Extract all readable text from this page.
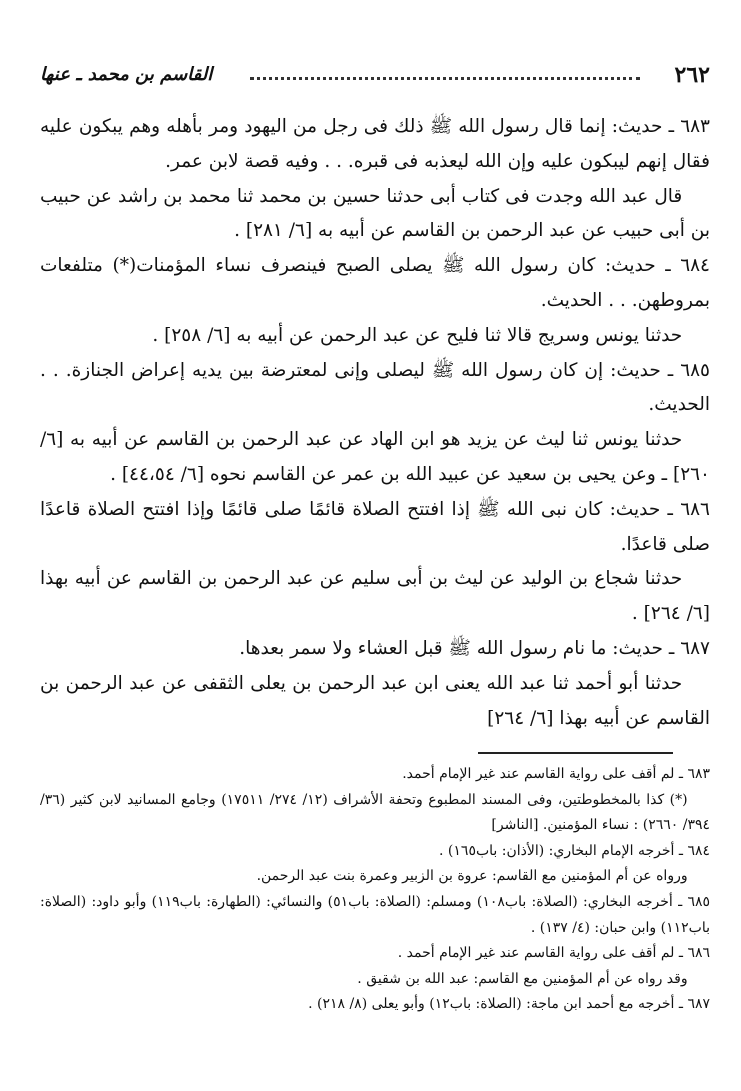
٢٦٢
القاسم بن محمد ـ عنها

٦٨٣ ـ حديث: إنما قال رسول الله ﷺ ذلك فى رجل من اليهود ومر بأهله وهم يبكون عليه فقال إنهم ليبكون عليه وإن الله ليعذبه فى قبره. . . وفيه قصة لابن عمر.

قال عبد الله وجدت فى كتاب أبى حدثنا حسين بن محمد ثنا محمد بن راشد عن حبيب بن أبى حبيب عن عبد الرحمن بن القاسم عن أبيه به [٦/ ٢٨١] .

٦٨٤ ـ حديث: كان رسول الله ﷺ يصلى الصبح فينصرف نساء المؤمنات(*) متلفعات بمروطهن. . . الحديث.

حدثنا يونس وسريج قالا ثنا فليح عن عبد الرحمن عن أبيه به [٦/ ٢٥٨] .

٦٨٥ ـ حديث: إن كان رسول الله ﷺ ليصلى وإنى لمعترضة بين يديه إعراض الجنازة. . . الحديث.

حدثنا يونس ثنا ليث عن يزيد هو ابن الهاد عن عبد الرحمن بن القاسم عن أبيه به [٦/ ٢٦٠] ـ وعن يحيى بن سعيد عن عبيد الله بن عمر عن القاسم نحوه [٦/ ٤٤،٥٤] .

٦٨٦ ـ حديث: كان نبى الله ﷺ إذا افتتح الصلاة قائمًا صلى قائمًا وإذا افتتح الصلاة قاعدًا صلى قاعدًا.

حدثنا شجاع بن الوليد عن ليث بن أبى سليم عن عبد الرحمن بن القاسم عن أبيه بهذا [٦/ ٢٦٤] .

٦٨٧ ـ حديث: ما نام رسول الله ﷺ قبل العشاء ولا سمر بعدها.

حدثنا أبو أحمد ثنا عبد الله يعنى ابن عبد الرحمن بن يعلى الثقفى عن عبد الرحمن بن القاسم عن أبيه بهذا [٦/ ٢٦٤]

٦٨٣ ـ لم أقف على رواية القاسم عند غير الإمام أحمد.

(*) كذا بالمخطوطتين، وفى المسند المطبوع وتحفة الأشراف (١٢/ ٢٧٤/ ١٧٥١١) وجامع المسانيد لابن كثير (٣٦/ ٣٩٤/ ٢٦٦٠) : نساء المؤمنين. [الناشر]

٦٨٤ ـ أخرجه الإمام البخاري: (الأذان: باب١٦٥) .

ورواه عن أم المؤمنين مع القاسم: عروة بن الزبير وعمرة بنت عبد الرحمن.

٦٨٥ ـ أخرجه البخاري: (الصلاة: باب١٠٨) ومسلم: (الصلاة: باب٥١) والنسائي: (الطهارة: باب١١٩) وأبو داود: (الصلاة: باب١١٢) وابن حبان: (٤/ ١٣٧) .

٦٨٦ ـ لم أقف على رواية القاسم عند غير الإمام أحمد .

وقد رواه عن أم المؤمنين مع القاسم: عبد الله بن شقيق .

٦٨٧ ـ أخرجه مع أحمد ابن ماجة: (الصلاة: باب١٢) وأبو يعلى (٨/ ٢١٨) .
